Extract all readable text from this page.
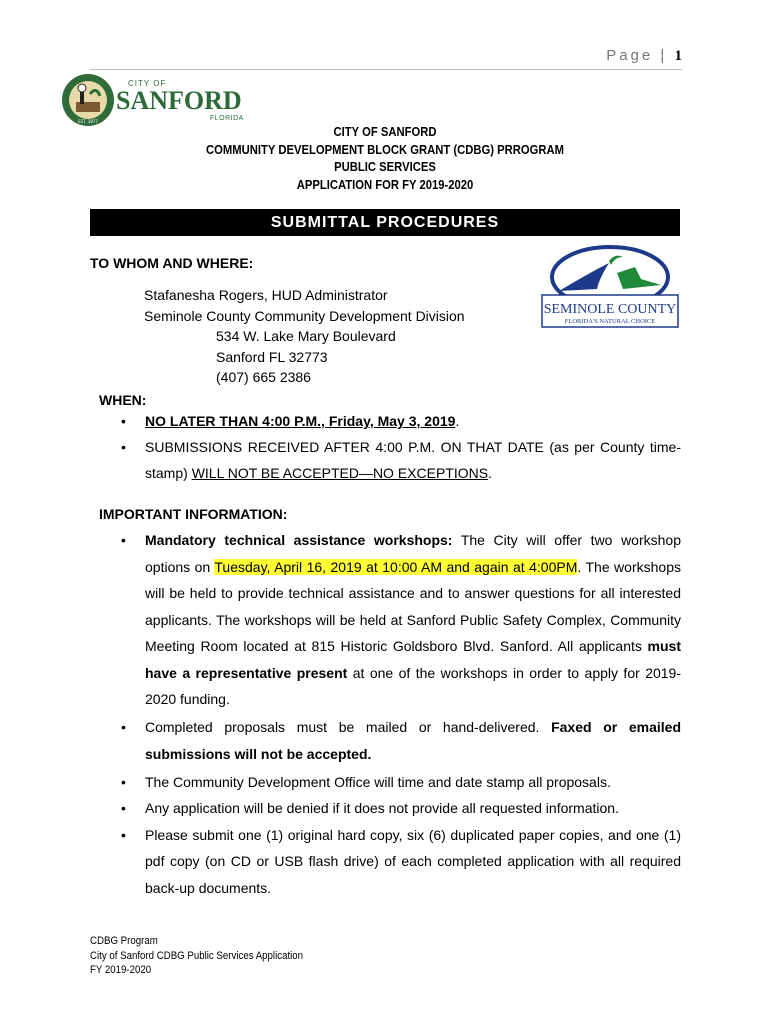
Page | 1
EST. 1877
CITY OF
SANFORD
FLORIDA
CITY OF SANFORD
COMMUNITY DEVELOPMENT BLOCK GRANT (CDBG) PRROGRAM
PUBLIC SERVICES
APPLICATION FOR FY 2019-2020
SUBMITTAL PROCEDURES
TO WHOM AND WHERE:
Stafanesha Rogers, HUD Administrator
Seminole County Community Development Division
534 W. Lake Mary Boulevard
Sanford FL 32773
(407) 665 2386
SEMINOLE COUNTY
FLORIDA'S NATURAL CHOICE
WHEN:
• NO LATER THAN 4:00 P.M., Friday, May 3, 2019.
• SUBMISSIONS RECEIVED AFTER 4:00 P.M. ON THAT DATE (as per County time-stamp) WILL NOT BE ACCEPTED—NO EXCEPTIONS.
IMPORTANT INFORMATION:
• Mandatory technical assistance workshops: The City will offer two workshop options on Tuesday, April 16, 2019 at 10:00 AM and again at 4:00PM. The workshops will be held to provide technical assistance and to answer questions for all interested applicants. The workshops will be held at Sanford Public Safety Complex, Community Meeting Room located at 815 Historic Goldsboro Blvd. Sanford. All applicants must have a representative present at one of the workshops in order to apply for 2019-2020 funding.
• Completed proposals must be mailed or hand-delivered. Faxed or emailed submissions will not be accepted.
• The Community Development Office will time and date stamp all proposals.
• Any application will be denied if it does not provide all requested information.
• Please submit one (1) original hard copy, six (6) duplicated paper copies, and one (1) pdf copy (on CD or USB flash drive) of each completed application with all required back-up documents.
CDBG Program
City of Sanford CDBG Public Services Application
FY 2019-2020
